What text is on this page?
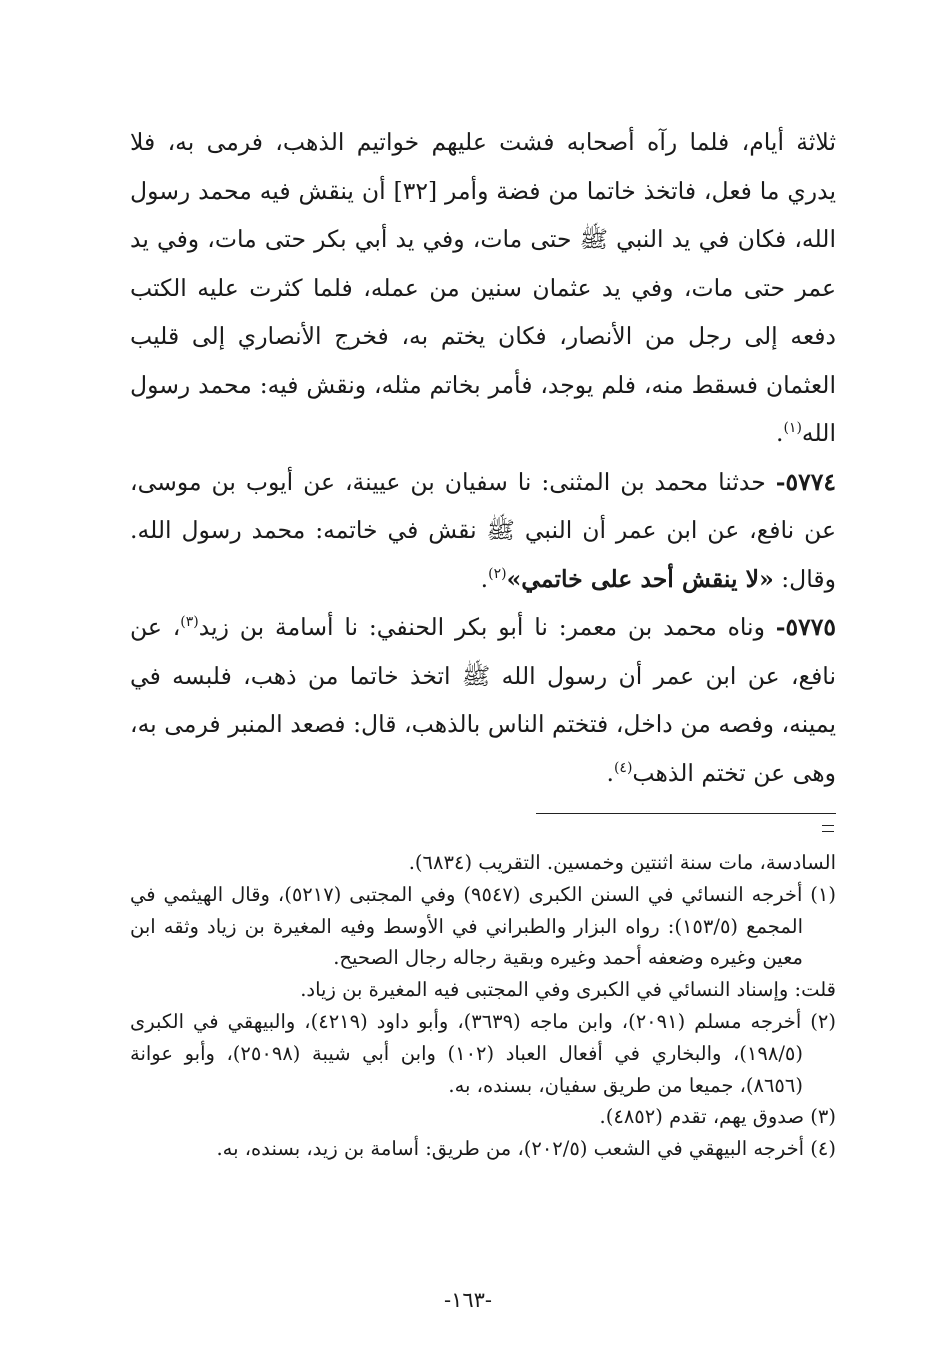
ثلاثة أيام، فلما رآه أصحابه فشت عليهم خواتيم الذهب، فرمى به، فلا يدري ما فعل، فاتخذ خاتما من فضة وأمر [٣٢] أن ينقش فيه محمد رسول الله، فكان في يد النبي ﷺ حتى مات، وفي يد أبي بكر حتى مات، وفي يد عمر حتى مات، وفي يد عثمان سنين من عمله، فلما كثرت عليه الكتب دفعه إلى رجل من الأنصار، فكان يختم به، فخرج الأنصاري إلى قليب العثمان فسقط منه، فلم يوجد، فأمر بخاتم مثله، ونقش فيه: محمد رسول الله$^{(١)}$.

٥٧٧٤- حدثنا محمد بن المثنى: نا سفيان بن عيينة، عن أيوب بن موسى، عن نافع، عن ابن عمر أن النبي ﷺ نقش في خاتمه: محمد رسول الله. وقال: «لا ينقش أحد على خاتمي»$^{(٢)}$.

٥٧٧٥- وناه محمد بن معمر: نا أبو بكر الحنفي: نا أسامة بن زيد$^{(٣)}$، عن نافع، عن ابن عمر أن رسول الله ﷺ اتخذ خاتما من ذهب، فلبسه في يمينه، وفصه من داخل، فتختم الناس بالذهب، قال: فصعد المنبر فرمى به، وهى عن تختم الذهب$^{(٤)}$.

السادسة، مات سنة اثنتين وخمسين. التقريب (٦٨٣٤).

(١) أخرجه النسائي في السنن الكبرى (٩٥٤٧) وفي المجتبى (٥٢١٧)، وقال الهيثمي في المجمع (١٥٣/٥): رواه البزار والطبراني في الأوسط وفيه المغيرة بن زياد وثقه ابن معين وغيره وضعفه أحمد وغيره وبقية رجاله رجال الصحيح.

قلت: وإسناد النسائي في الكبرى وفي المجتبى فيه المغيرة بن زياد.

(٢) أخرجه مسلم (٢٠٩١)، وابن ماجه (٣٦٣٩)، وأبو داود (٤٢١٩)، والبيهقي في الكبرى (١٩٨/٥)، والبخاري في أفعال العباد (١٠٢) وابن أبي شيبة (٢٥٠٩٨)، وأبو عوانة (٨٦٥٦)، جميعا من طريق سفيان، بسنده، به.

(٣) صدوق يهم، تقدم (٤٨٥٢).

(٤) أخرجه البيهقي في الشعب (٢٠٢/٥)، من طريق: أسامة بن زيد، بسنده، به.

-١٦٣-
